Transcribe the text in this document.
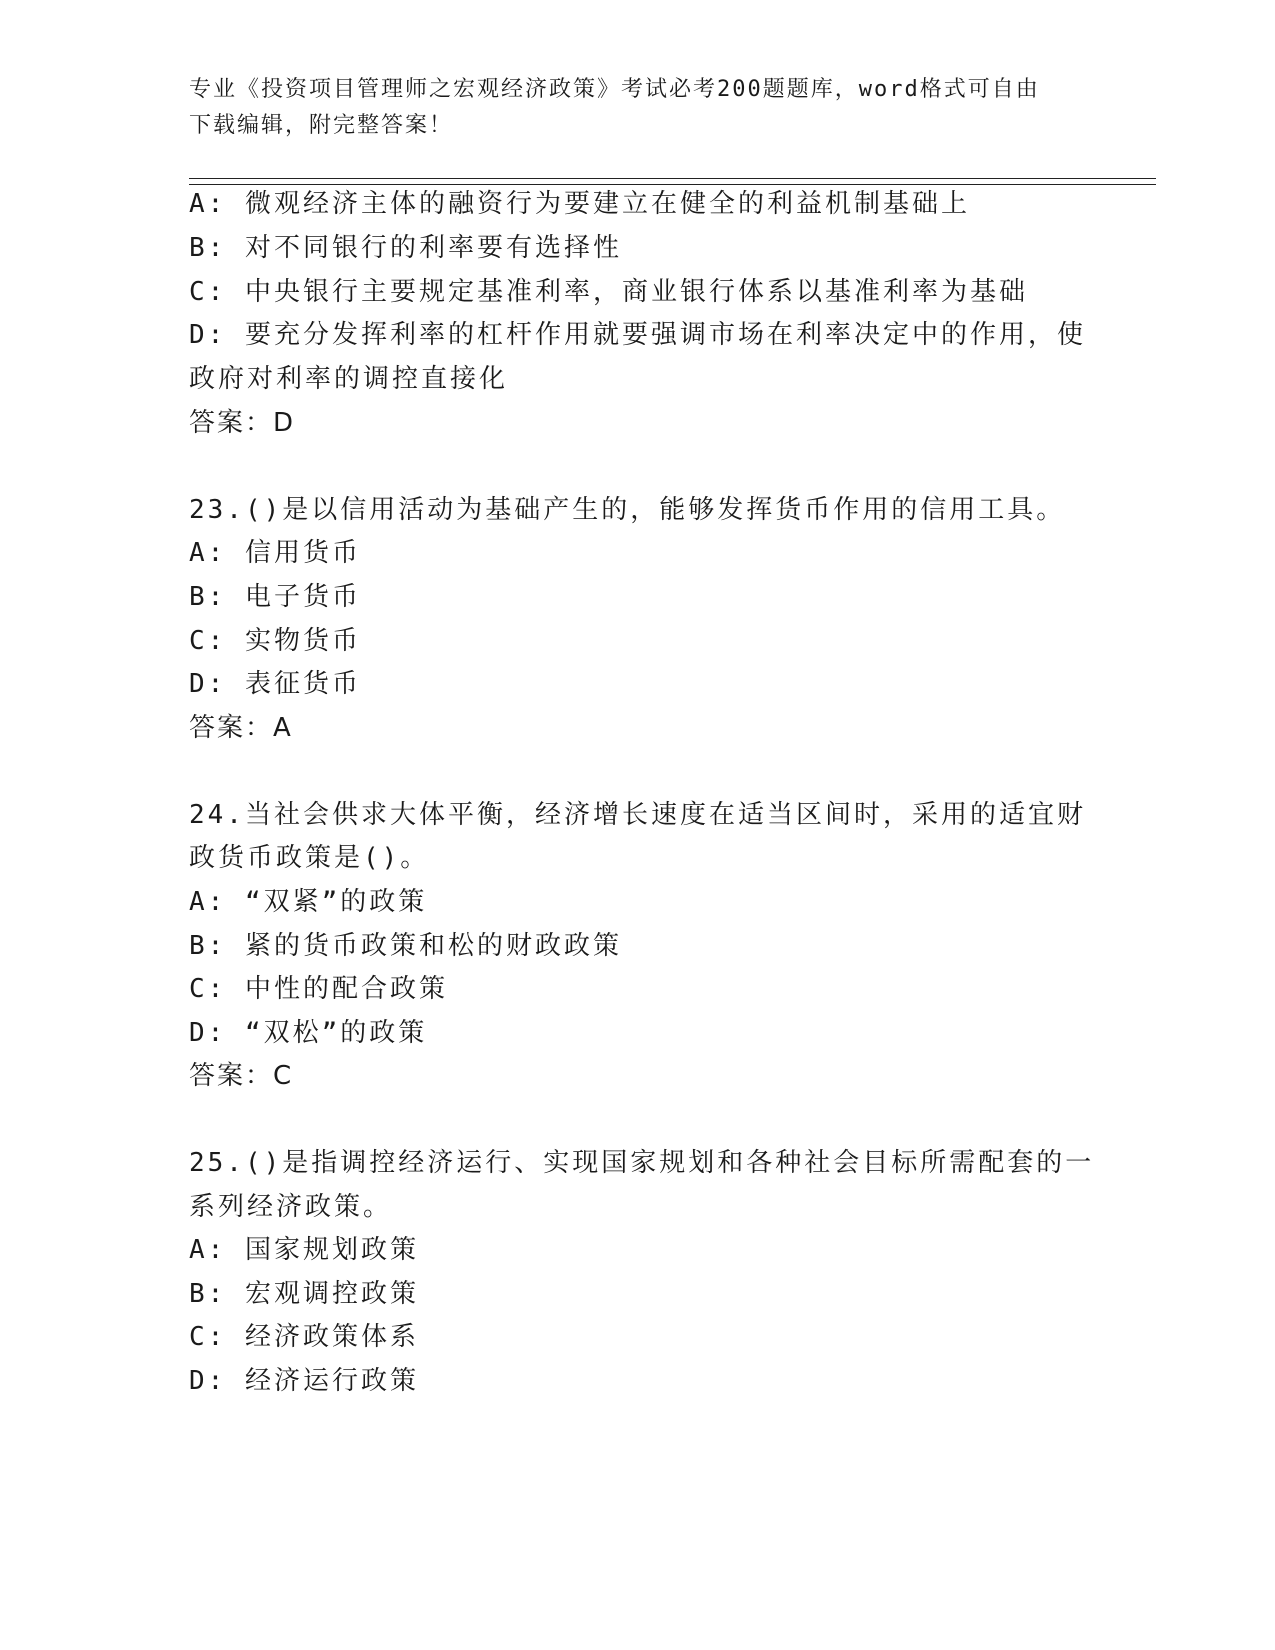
专业《投资项目管理师之宏观经济政策》考试必考200题题库，word格式可自由
下载编辑，附完整答案！
A: 微观经济主体的融资行为要建立在健全的利益机制基础上
B: 对不同银行的利率要有选择性
C: 中央银行主要规定基准利率，商业银行体系以基准利率为基础
D: 要充分发挥利率的杠杆作用就要强调市场在利率决定中的作用，使
政府对利率的调控直接化
答案：D
23.()是以信用活动为基础产生的，能够发挥货币作用的信用工具。
A: 信用货币
B: 电子货币
C: 实物货币
D: 表征货币
答案：A
24.当社会供求大体平衡，经济增长速度在适当区间时，采用的适宜财
政货币政策是()。
A: “双紧”的政策
B: 紧的货币政策和松的财政政策
C: 中性的配合政策
D: “双松”的政策
答案：C
25.()是指调控经济运行、实现国家规划和各种社会目标所需配套的一
系列经济政策。
A: 国家规划政策
B: 宏观调控政策
C: 经济政策体系
D: 经济运行政策
